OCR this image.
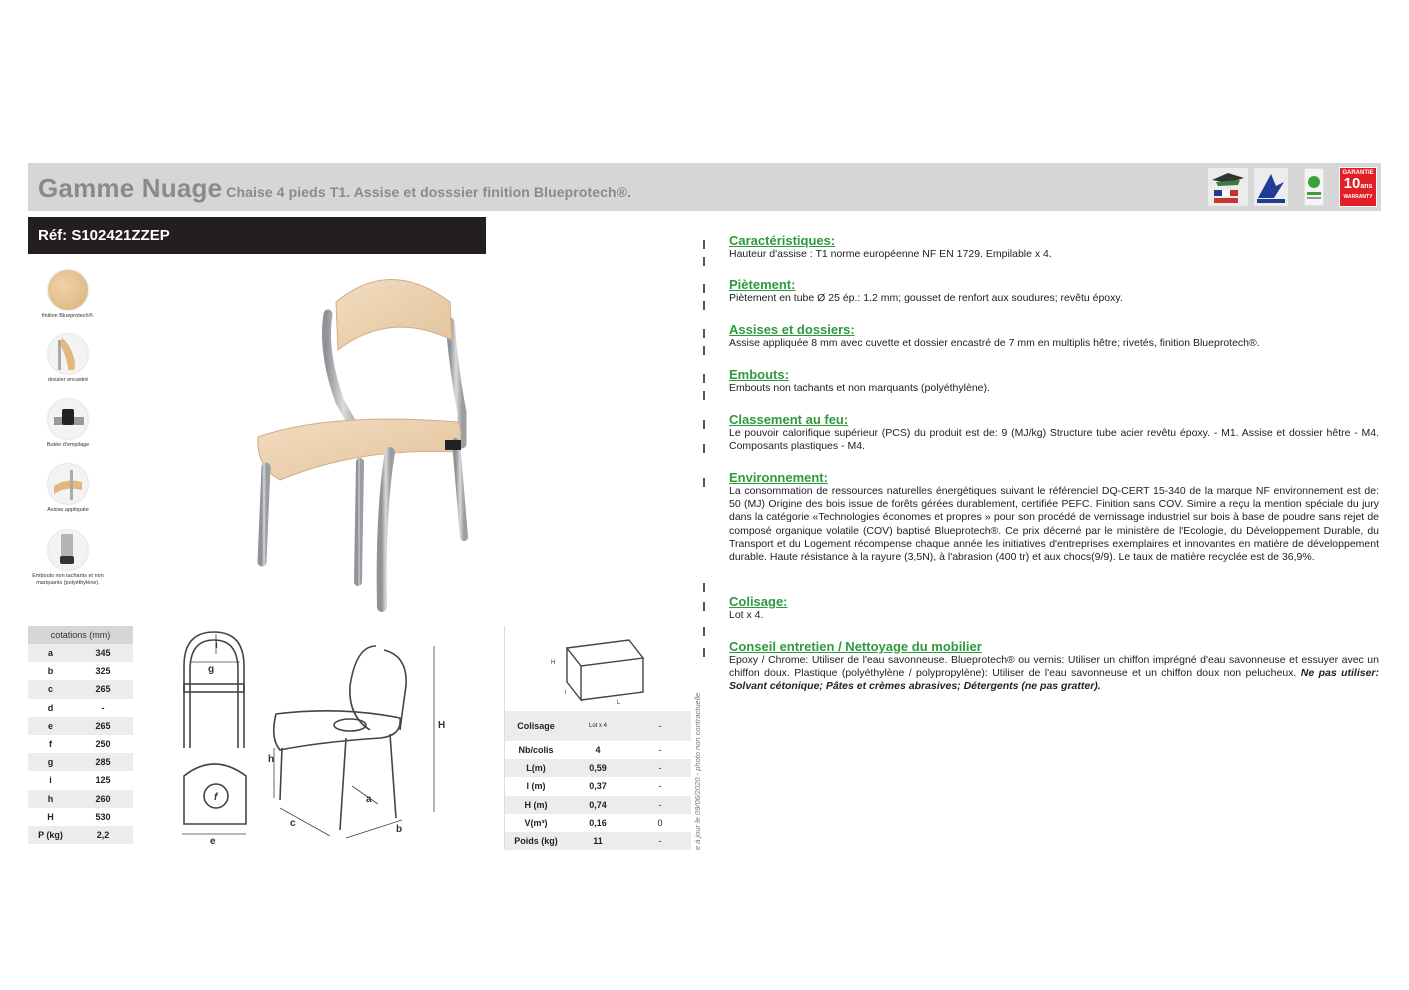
Gamme Nuage Chaise 4 pieds T1. Assise et dosssier finition Blueprotech®.
GARANTIE
10ans
WARRANTY
Réf: S102421ZZEP
finition Blueprotech®.
dossier encastré
Butée d'empilage
Assise appliquée
Embouts non tachants et non marquants (polyéthylène).
cotations (mm)
a	345
b	325
c	265
d	-
e	265
f	250
g	285
i	125
h	260
H	530
P (kg)	2,2
i
g
f
e
h
H
a
b
c
H
l
L
Colisage	Lot x 4	-
Nb/colis	4	-
L(m)	0,59	-
l (m)	0,37	-
H (m)	0,74	-
V(m³)	0,16	0
Poids (kg)	11	-	e à jour le 09/06/2020 - photo non contractuelle
Caractéristiques:

Hauteur d'assise : T1 norme européenne NF EN 1729. Empilable x 4.

Piètement:

Piètement en tube Ø 25 ép.: 1.2 mm; gousset de renfort aux soudures; revêtu époxy.

Assises et dossiers:

Assise appliquée 8 mm avec cuvette et dossier encastré de 7 mm en multiplis hêtre; rivetés, finition Blueprotech®.

Embouts:

Embouts non tachants et non marquants (polyéthylène).

Classement au feu:

Le pouvoir calorifique supérieur (PCS) du produit est de: 9 (MJ/kg) Structure tube acier revêtu époxy. - M1. Assise et dossier hêtre - M4. Composants plastiques - M4.

Environnement:

La consommation de ressources naturelles énergétiques suivant le référenciel DQ-CERT 15-340 de la marque NF environnement est de: 50 (MJ) Origine des bois issue de forêts gérées durablement, certifiée PEFC. Finition sans COV. Simire a reçu la mention spéciale du jury dans la catégorie «Technologies économes et propres » pour son procédé de vernissage industriel sur bois à base de poudre sans rejet de composé organique volatile (COV) baptisé Blueprotech®. Ce prix décerné par le ministère de l'Ecologie, du Développement Durable, du Transport et du Logement récompense chaque année les initiatives d'entreprises exemplaires et innovantes en matière de développement durable. Haute résistance à la rayure (3,5N), à l'abrasion (400 tr) et aux chocs(9/9). Le taux de matière recyclée est de 36,9%.

Colisage:

Lot x 4.

Conseil entretien / Nettoyage du mobilier

Epoxy / Chrome: Utiliser de l'eau savonneuse. Blueprotech® ou vernis: Utiliser un chiffon imprégné d'eau savonneuse et essuyer avec un chiffon doux. Plastique (polyéthylène / polypropylène): Utiliser de l'eau savonneuse et un chiffon doux non pelucheux. Ne pas utiliser: Solvant cétonique; Pâtes et crèmes abrasives; Détergents (ne pas gratter).
